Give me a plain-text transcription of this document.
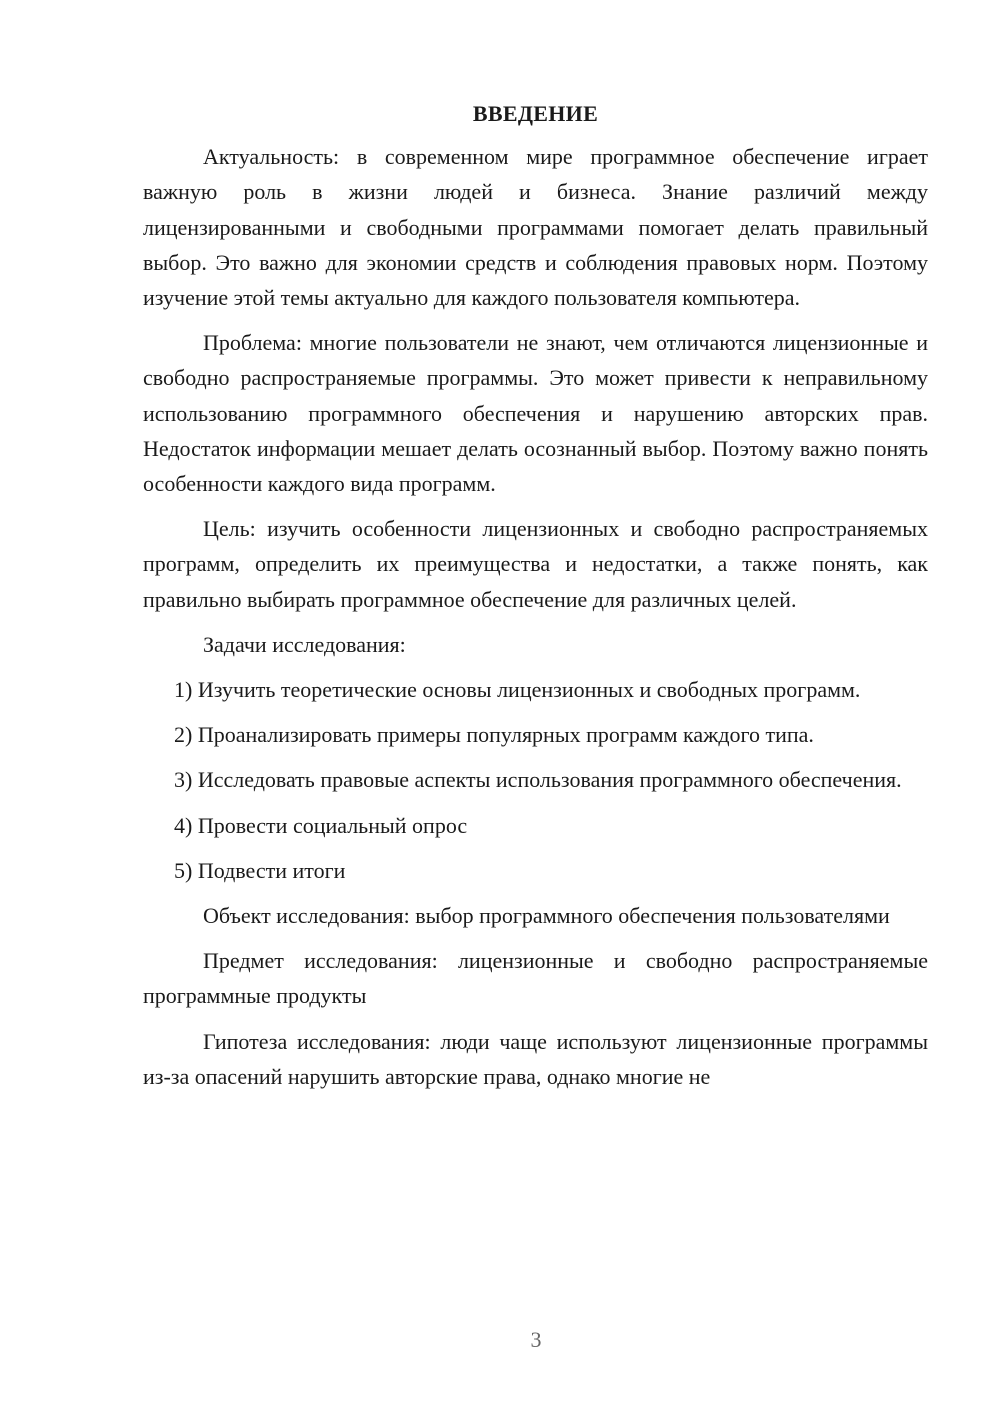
ВВЕДЕНИЕ

Актуальность: в современном мире программное обеспечение играет важную роль в жизни людей и бизнеса. Знание различий между лицензированными и свободными программами помогает делать правильный выбор. Это важно для экономии средств и соблюдения правовых норм. Поэтому изучение этой темы актуально для каждого пользователя компьютера.

Проблема: многие пользователи не знают, чем отличаются лицензионные и свободно распространяемые программы. Это может привести к неправильному использованию программного обеспечения и нарушению авторских прав. Недостаток информации мешает делать осознанный выбор. Поэтому важно понять особенности каждого вида программ.

Цель: изучить особенности лицензионных и свободно распространяемых программ, определить их преимущества и недостатки, а также понять, как правильно выбирать программное обеспечение для различных целей.

Задачи исследования:

1) Изучить теоретические основы лицензионных и свободных программ.

2) Проанализировать примеры популярных программ каждого типа.

3) Исследовать правовые аспекты использования программного обеспечения.

4) Провести социальный опрос

5) Подвести итоги

Объект исследования: выбор программного обеспечения пользователями

Предмет исследования: лицензионные и свободно распространяемые программные продукты

Гипотеза исследования: люди чаще используют лицензионные программы из-за опасений нарушить авторские права, однако многие не

3
